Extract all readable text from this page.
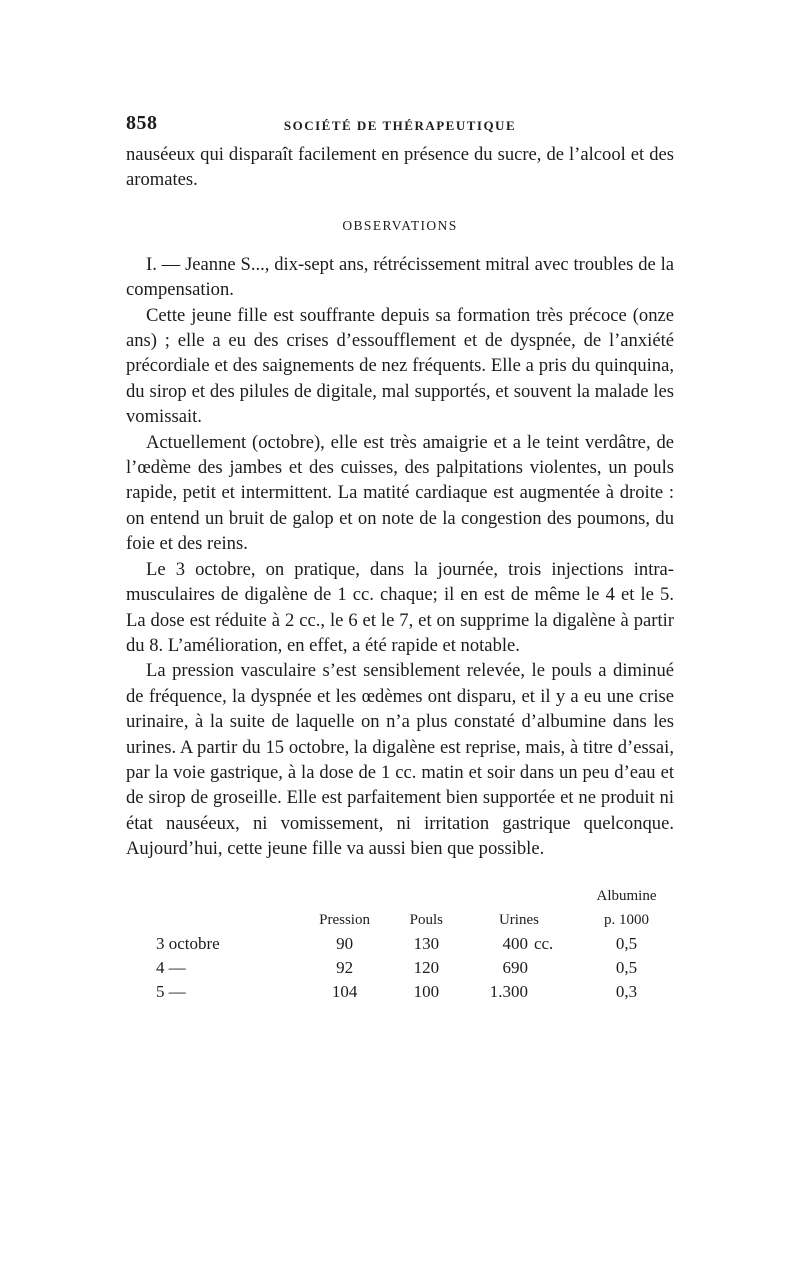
858	SOCIÉTÉ DE THÉRAPEUTIQUE

nauséeux qui disparaît facilement en présence du sucre, de l’alcool et des aromates.

OBSERVATIONS

I. — Jeanne S..., dix-sept ans, rétrécissement mitral avec troubles de la compensation.

Cette jeune fille est souffrante depuis sa formation très précoce (onze ans) ; elle a eu des crises d’essoufflement et de dyspnée, de l’anxiété précordiale et des saignements de nez fréquents. Elle a pris du quinquina, du sirop et des pilules de digitale, mal supportés, et souvent la malade les vomissait.

Actuellement (octobre), elle est très amaigrie et a le teint verdâtre, de l’œdème des jambes et des cuisses, des palpitations violentes, un pouls rapide, petit et intermittent. La matité cardiaque est augmentée à droite : on entend un bruit de galop et on note de la congestion des poumons, du foie et des reins.

Le 3 octobre, on pratique, dans la journée, trois injections intra-musculaires de digalène de 1 cc. chaque; il en est de même le 4 et le 5. La dose est réduite à 2 cc., le 6 et le 7, et on supprime la digalène à partir du 8. L’amélioration, en effet, a été rapide et notable.

La pression vasculaire s’est sensiblement relevée, le pouls a diminué de fréquence, la dyspnée et les œdèmes ont disparu, et il y a eu une crise urinaire, à la suite de laquelle on n’a plus constaté d’albumine dans les urines. A partir du 15 octobre, la digalène est reprise, mais, à titre d’essai, par la voie gastrique, à la dose de 1 cc. matin et soir dans un peu d’eau et de sirop de groseille. Elle est parfaitement bien supportée et ne produit ni état nauséeux, ni vomissement, ni irritation gastrique quelconque. Aujourd’hui, cette jeune fille va aussi bien que possible.

				Albumine
	Pression	Pouls	Urines	p. 1000
3 octobre	90	130	400 cc.	0,5
4 —	92	120	690	0,5
5 —	104	100	1.300	0,3
